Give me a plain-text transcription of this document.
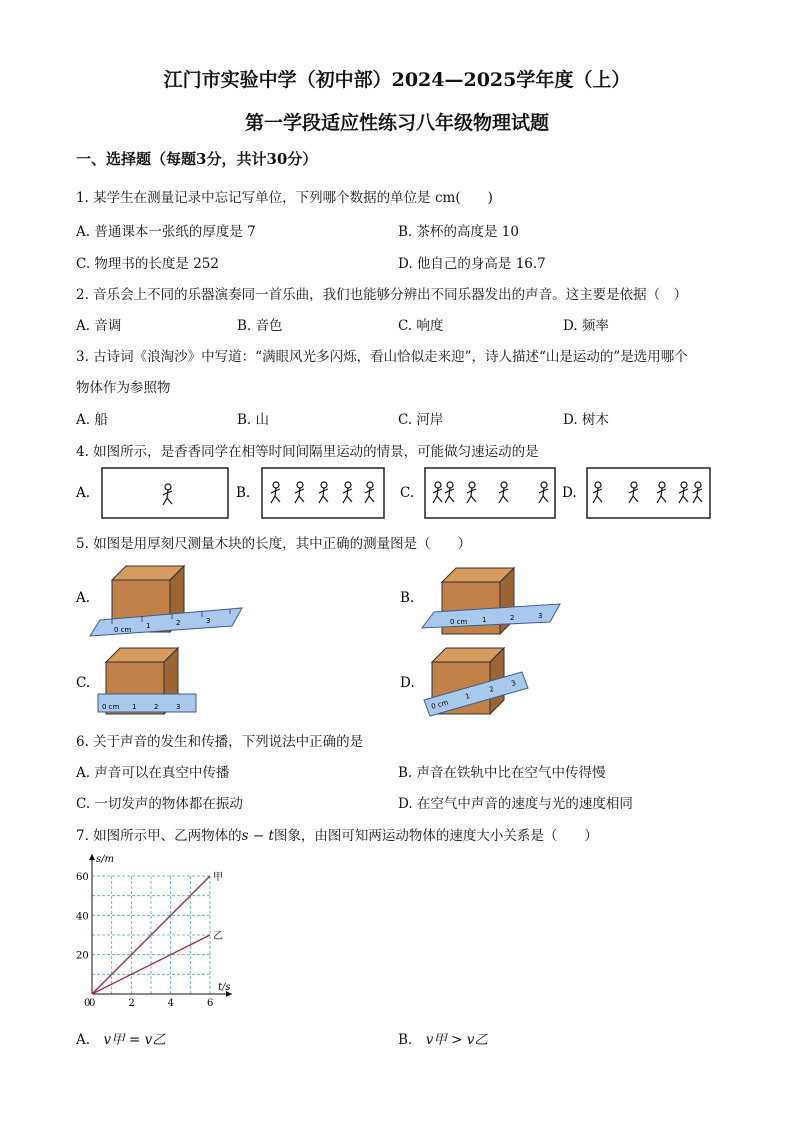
江门市实验中学（初中部）2024—2025学年度（上）
第一学段适应性练习八年级物理试题
一、选择题（每题3分，共计30分）
1. 某学生在测量记录中忘记写单位，下列哪个数据的单位是 cm(　　)
A. 普通课本一张纸的厚度是 7	B. 茶杯的高度是 10
C. 物理书的长度是 252	D. 他自己的身高是 16.7
2. 音乐会上不同的乐器演奏同一首乐曲，我们也能够分辨出不同乐器发出的声音。这主要是依据（　）
A. 音调	B. 音色	C. 响度	D. 频率
3. 古诗词《浪淘沙》中写道：“满眼风光多闪烁，看山恰似走来迎”，诗人描述“山是运动的”是选用哪个
物体作为参照物
A. 船	B. 山	C. 河岸	D. 树木
4. 如图所示，是香香同学在相等时间间隔里运动的情景，可能做匀速运动的是
A.	B.	C.	D.
5. 如图是用厚刻尺测量木块的长度，其中正确的测量图是（　　）
A.
0 cm 1	2	3
B.
0 cm 1	2	3
C.
0 cm 1	2	3
D.
0 cm
1
2
3
6. 关于声音的发生和传播，下列说法中正确的是
A. 声音可以在真空中传播	B. 声音在铁轨中比在空气中传得慢
C. 一切发声的物体都在振动	D. 在空气中声音的速度与光的速度相同
7. 如图所示甲、乙两物体的s − t图象，由图可知两运动物体的速度大小关系是（　　）
0	2	4	6
20
40
60
s/m
t/s
甲
乙
0
A.　 v甲 = v乙	B.　 v甲 > v乙
